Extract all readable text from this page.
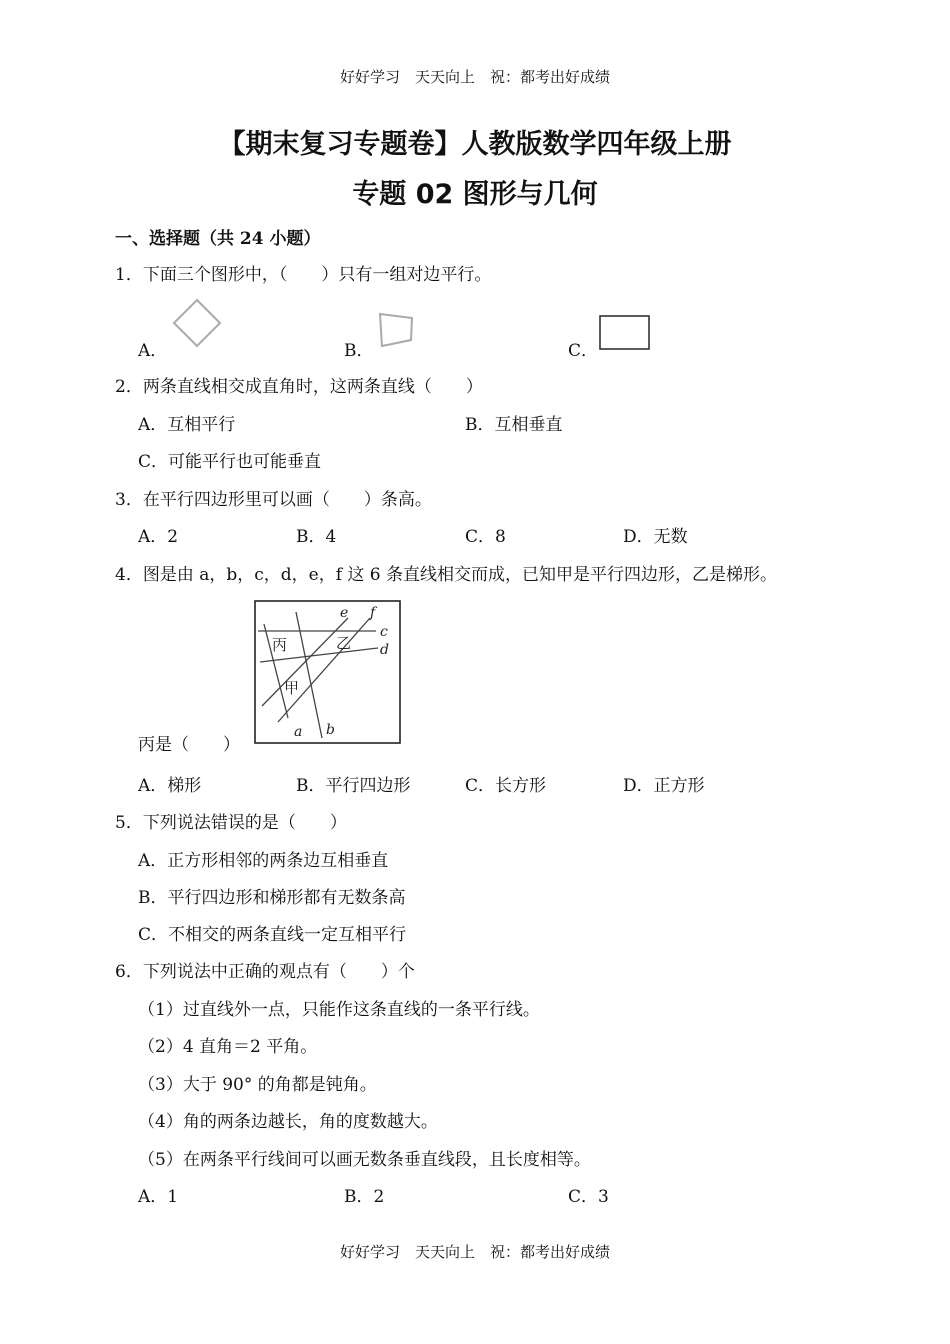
好好学习　天天向上　祝：都考出好成绩
【期末复习专题卷】人教版数学四年级上册
专题 02 图形与几何
一、选择题（共 24 小题）
1．下面三个图形中，（　　）只有一组对边平行。
A．	B．	C．
2．两条直线相交成直角时，这两条直线（　　）
A．互相平行	B．互相垂直
C．可能平行也可能垂直
3．在平行四边形里可以画（　　）条高。
A．2	B．4	C．8	D．无数
4．图是由 a，b，c，d，e，f 这 6 条直线相交而成，已知甲是平行四边形，乙是梯形。
丙是（　　）
丙	乙
甲
e f
c
d
a b
A．梯形	B．平行四边形	C．长方形	D．正方形
5．下列说法错误的是（　　）
A．正方形相邻的两条边互相垂直
B．平行四边形和梯形都有无数条高
C．不相交的两条直线一定互相平行
6．下列说法中正确的观点有（　　）个
（1）过直线外一点，只能作这条直线的一条平行线。
（2）4 直角＝2 平角。
（3）大于 90° 的角都是钝角。
（4）角的两条边越长，角的度数越大。
（5）在两条平行线间可以画无数条垂直线段，且长度相等。
A．1	B．2	C．3
好好学习　天天向上　祝：都考出好成绩
